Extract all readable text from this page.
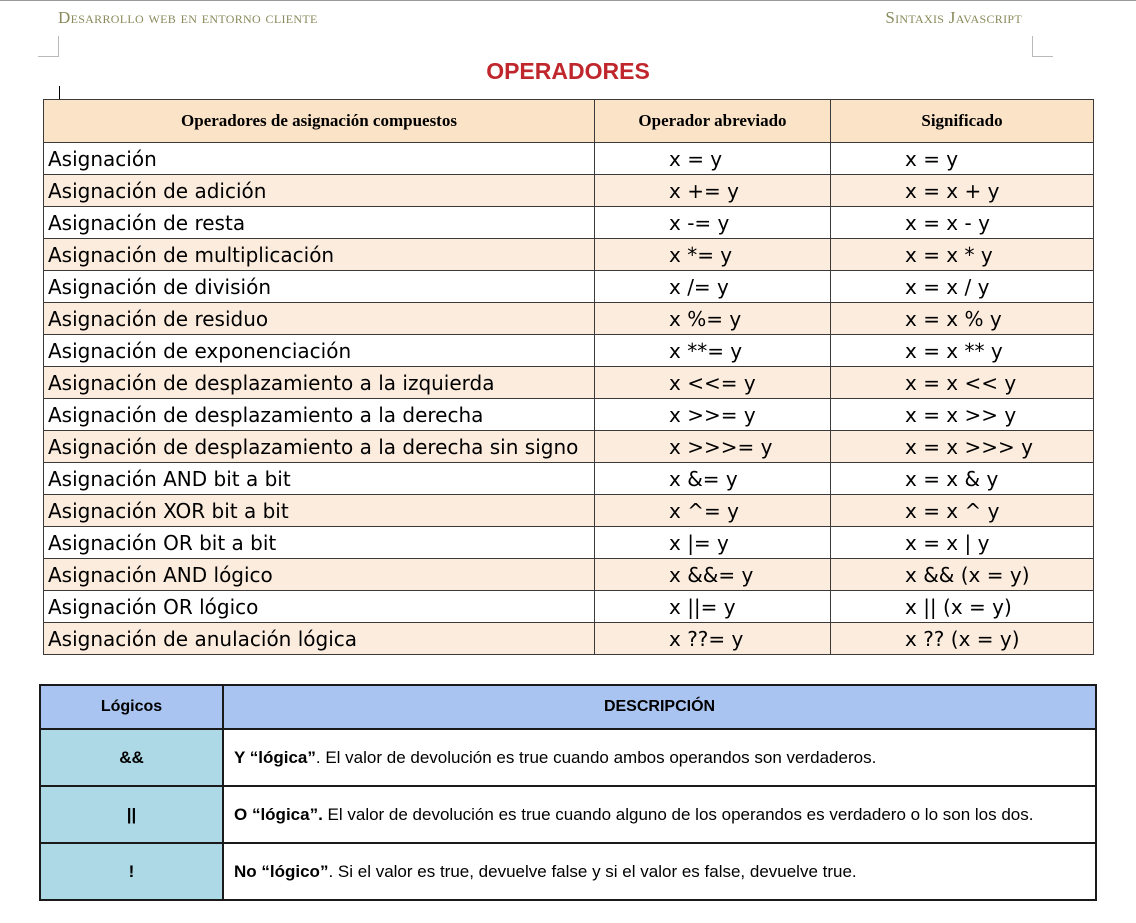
Desarrollo web en entorno cliente	Sintaxis Javascript
OPERADORES
Operadores de asignación compuestos	Operador abreviado	Significado
Asignación	x = y	x = y
Asignación de adición	x += y	x = x + y
Asignación de resta	x -= y	x = x - y
Asignación de multiplicación	x *= y	x = x * y
Asignación de división	x /= y	x = x / y
Asignación de residuo	x %= y	x = x % y
Asignación de exponenciación	x **= y	x = x ** y
Asignación de desplazamiento a la izquierda	x <<= y	x = x << y
Asignación de desplazamiento a la derecha	x >>= y	x = x >> y
Asignación de desplazamiento a la derecha sin signo	x >>>= y	x = x >>> y
Asignación AND bit a bit	x &= y	x = x & y
Asignación XOR bit a bit	x ^= y	x = x ^ y
Asignación OR bit a bit	x |= y	x = x | y
Asignación AND lógico	x &&= y	x && (x = y)
Asignación OR lógico	x ||= y	x || (x = y)
Asignación de anulación lógica	x ??= y	x ?? (x = y)
Lógicos	DESCRIPCIÓN
&&	Y “lógica”. El valor de devolución es true cuando ambos operandos son verdaderos.
||	O “lógica”. El valor de devolución es true cuando alguno de los operandos es verdadero o lo son los dos.
!	No “lógico”. Si el valor es true, devuelve false y si el valor es false, devuelve true.
